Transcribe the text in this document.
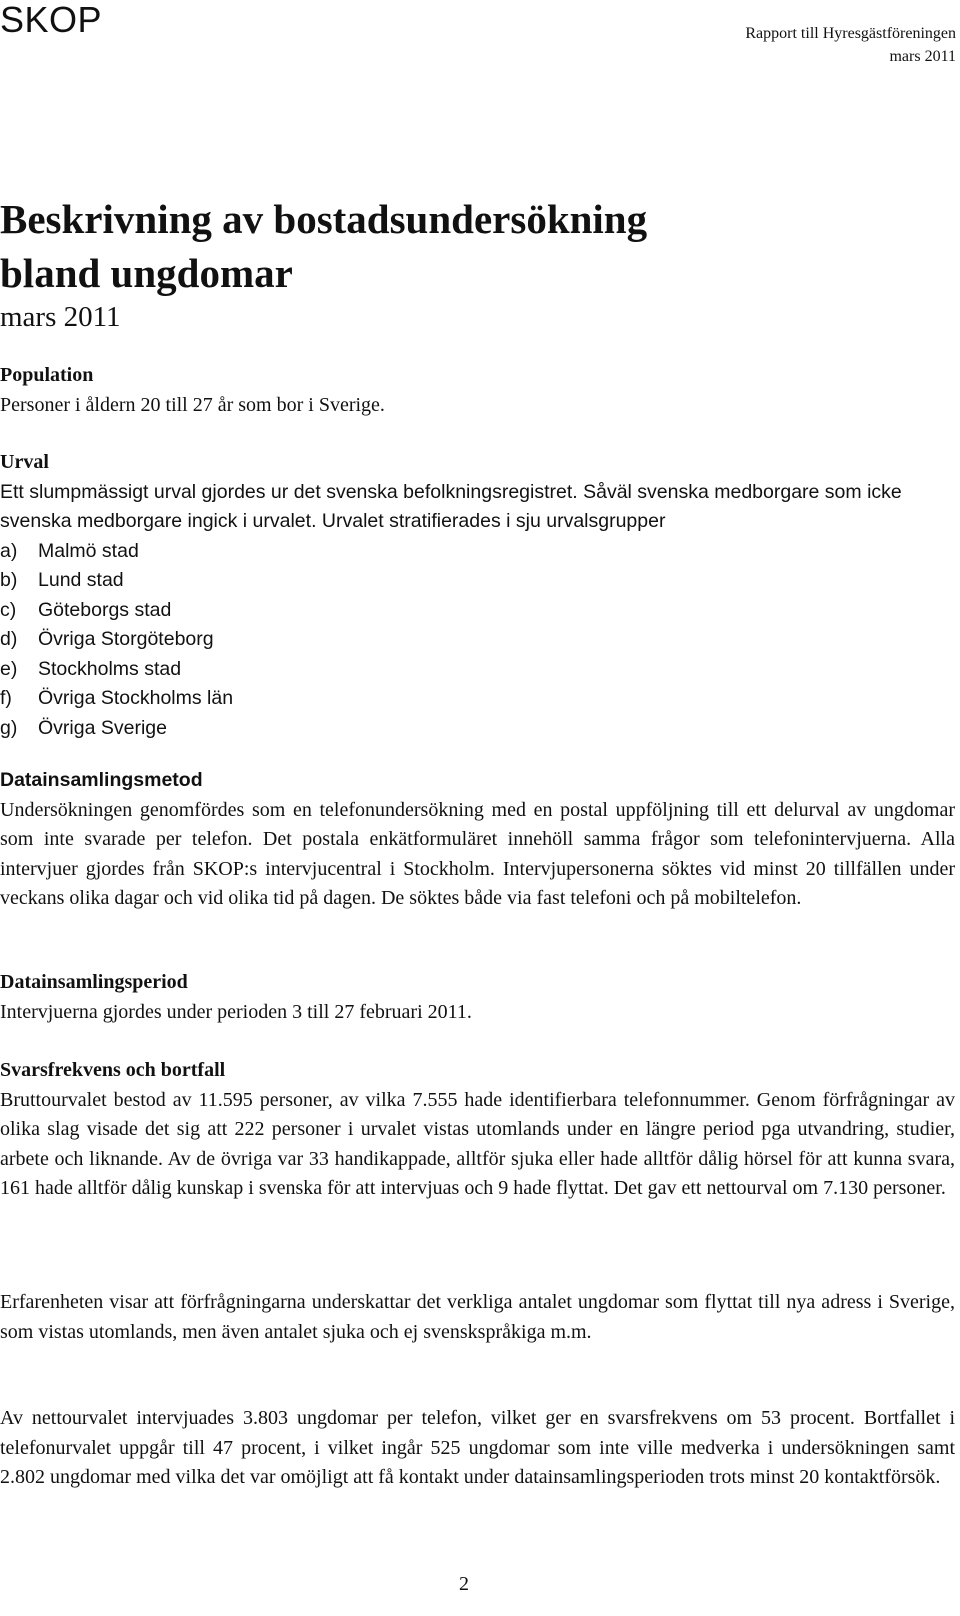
SKOP	Rapport till Hyresgästföreningen
mars 2011
Beskrivning av bostadsundersökning
bland ungdomar
mars 2011
Population
Personer i åldern 20 till 27 år som bor i Sverige.
Urval
Ett slumpmässigt urval gjordes ur det svenska befolkningsregistret. Såväl svenska medborgare som icke svenska medborgare ingick i urvalet. Urvalet stratifierades i sju urvalsgrupper
a) Malmö stad
b) Lund stad
c) Göteborgs stad
d) Övriga Storgöteborg
e) Stockholms stad
f) Övriga Stockholms län
g) Övriga Sverige
Datainsamlingsmetod
Undersökningen genomfördes som en telefonundersökning med en postal uppföljning till ett delurval av ungdomar som inte svarade per telefon. Det postala enkätformuläret innehöll samma frågor som telefonintervjuerna. Alla intervjuer gjordes från SKOP:s intervjucentral i Stockholm. Intervjupersonerna söktes vid minst 20 tillfällen under veckans olika dagar och vid olika tid på dagen. De söktes både via fast telefoni och på mobiltelefon.
Datainsamlingsperiod
Intervjuerna gjordes under perioden 3 till 27 februari 2011.
Svarsfrekvens och bortfall
Bruttourvalet bestod av 11.595 personer, av vilka 7.555 hade identifierbara telefonnummer. Genom förfrågningar av olika slag visade det sig att 222 personer i urvalet vistas utomlands under en längre period pga utvandring, studier, arbete och liknande. Av de övriga var 33 handikappade, alltför sjuka eller hade alltför dålig hörsel för att kunna svara, 161 hade alltför dålig kunskap i svenska för att intervjuas och 9 hade flyttat. Det gav ett nettourval om 7.130 personer.
Erfarenheten visar att förfrågningarna underskattar det verkliga antalet ungdomar som flyttat till nya adress i Sverige, som vistas utomlands, men även antalet sjuka och ej svenskspråkiga m.m.
Av nettourvalet intervjuades 3.803 ungdomar per telefon, vilket ger en svarsfrekvens om 53 procent. Bortfallet i telefonurvalet uppgår till 47 procent, i vilket ingår 525 ungdomar som inte ville medverka i undersökningen samt 2.802 ungdomar med vilka det var omöjligt att få kontakt under datainsamlingsperioden trots minst 20 kontaktförsök.
2
